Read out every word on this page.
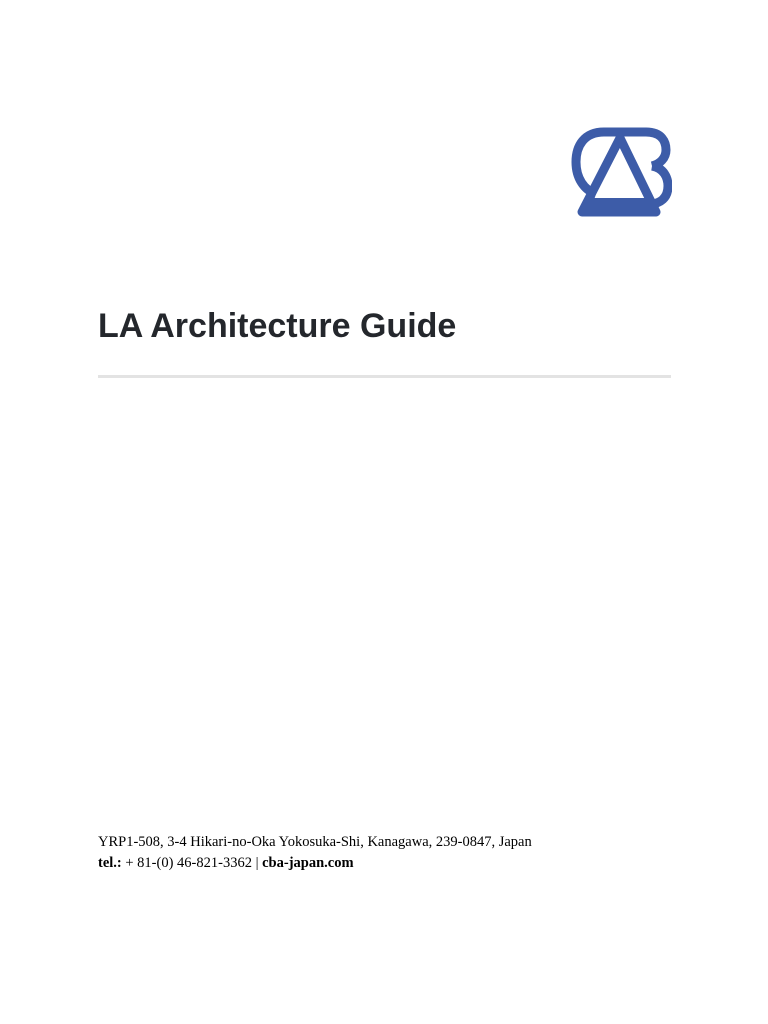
LA Architecture Guide
YRP1-508, 3-4 Hikari-no-Oka Yokosuka-Shi, Kanagawa, 239-0847, Japan
tel.: + 81-(0) 46-821-3362 | cba-japan.com
